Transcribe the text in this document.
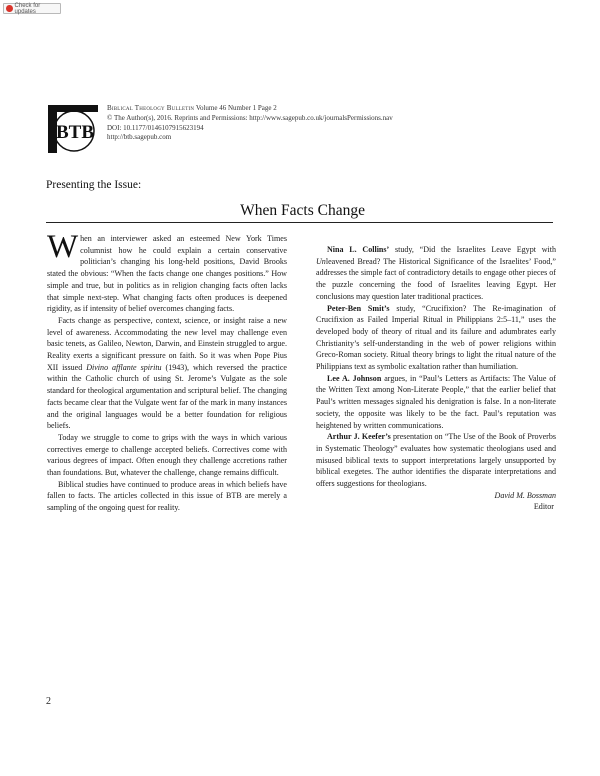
Check for updates
BTB
Biblical Theology Bulletin Volume 46 Number 1 Page 2
© The Author(s), 2016. Reprints and Permissions: http://www.sagepub.co.uk/journalsPermissions.nav
DOI: 10.1177/0146107915623194
http://btb.sagepub.com
Presenting the Issue:
When Facts Change

When an interviewer asked an esteemed New York Times columnist how he could explain a certain conservative politician’s changing his long-held positions, David Brooks stated the obvious: “When the facts change one changes positions.” How simple and true, but in politics as in religion changing facts often lacks that simple next-step. What changing facts often produces is deepened rigidity, as if intensity of belief overcomes changing facts.

Facts change as perspective, context, science, or insight raise a new level of awareness. Accommodating the new level may challenge even basic tenets, as Galileo, Newton, Darwin, and Einstein struggled to argue. Reality exerts a significant pressure on faith. So it was when Pope Pius XII issued Divino afflante spiritu (1943), which reversed the practice within the Catholic church of using St. Jerome’s Vulgate as the sole standard for theological argumentation and scriptural belief. The changing facts became clear that the Vulgate went far of the mark in many instances and the original languages would be a better foundation for religious beliefs.

Today we struggle to come to grips with the ways in which various correctives emerge to challenge accepted beliefs. Correctives come with various degrees of impact. Often enough they challenge accretions rather than foundations. But, whatever the challenge, change remains difficult.

Biblical studies have continued to produce areas in which beliefs have fallen to facts. The articles collected in this issue of BTB are merely a sampling of the ongoing quest for reality.

Nina L. Collins’ study, “Did the Israelites Leave Egypt with Unleavened Bread? The Historical Significance of the Israelites’ Food,” addresses the simple fact of contradictory details to engage other pieces of the puzzle concerning the food of Israelites leaving Egypt. Her conclusions may question later traditional practices.

Peter-Ben Smit’s study, “Crucifixion? The Re-imagination of Crucifixion as Failed Imperial Ritual in Philippians 2:5–11,” uses the developed body of theory of ritual and its failure and adumbrates early Christianity’s self-understanding in the web of power religions within Greco-Roman society. Ritual theory brings to light the ritual nature of the Philippians text as symbolic exaltation rather than humiliation.

Lee A. Johnson argues, in “Paul’s Letters as Artifacts: The Value of the Written Text among Non-Literate People,” that the earlier belief that Paul’s written messages signaled his denigration is false. In a non-literate society, the opposite was likely to be the fact. Paul’s reputation was heightened by written communications.

Arthur J. Keefer’s presentation on “The Use of the Book of Proverbs in Systematic Theology” evaluates how systematic theologians used and misused biblical texts to support interpretations largely unsupported by biblical exegetes. The author identifies the disparate interpretations and offers suggestions for theologians.

David M. Bossman

Editor

2
